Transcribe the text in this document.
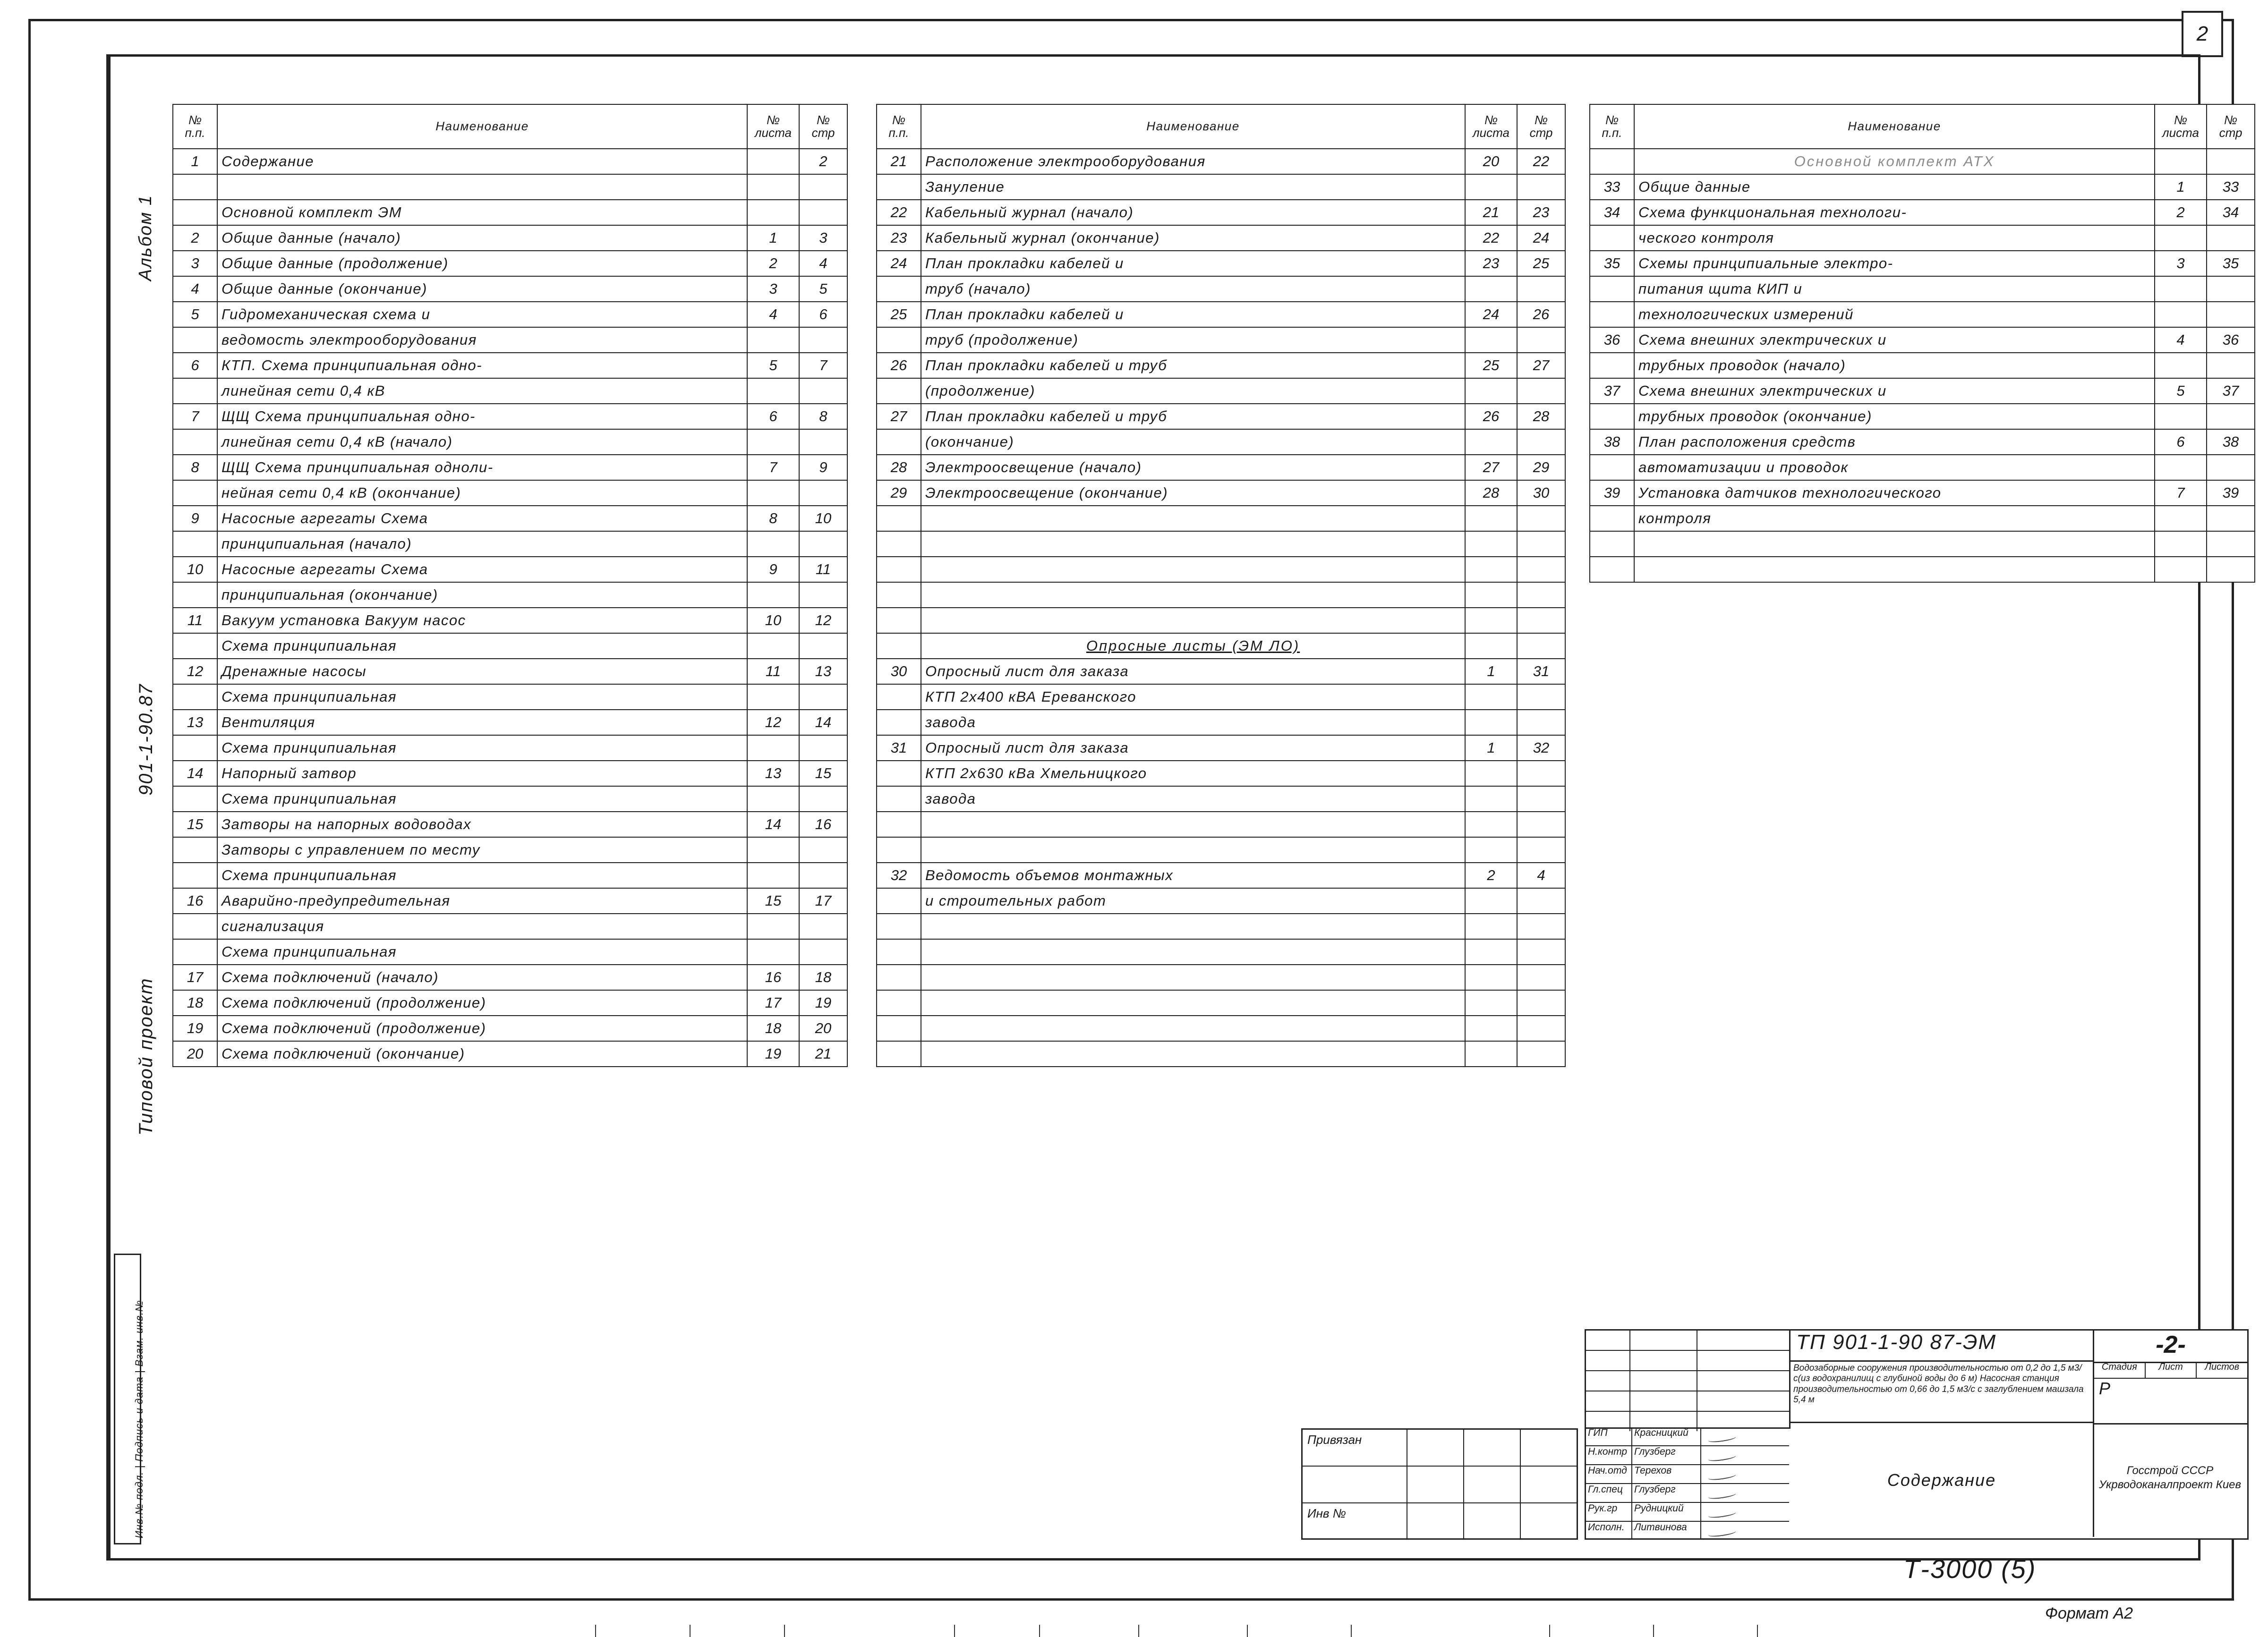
2
Альбом 1
901-1-90.87
Типовой проект
Инв.№ подл. | Подпись и дата | Взам. инв.№
№ п.п.	Наименование	№ листа	№ стр
1	Содержание		2

	Основной комплект ЭМ		
2	Общие данные (начало)	1	3
3	Общие данные (продолжение)	2	4
4	Общие данные (окончание)	3	5
5	Гидромеханическая схема и	4	6
	ведомость электрооборудования		
6	КТП. Схема принципиальная одно-	5	7
	линейная сети 0,4 кВ		
7	ЩЩ Схема принципиальная одно-	6	8
	линейная сети 0,4 кВ (начало)		
8	ЩЩ Схема принципиальная однoли-	7	9
	нейная сети 0,4 кВ (окончание)		
9	Насосные агрегаты Схема	8	10
	принципиальная (начало)		
10	Насосные агрегаты Схема	9	11
	принципиальная (окончание)		
11	Вакуум установка Вакуум насос	10	12
	Схема принципиальная		
12	Дренажные насосы	11	13
	Схема принципиальная		
13	Вентиляция	12	14
	Схема принципиальная		
14	Напорный затвор	13	15
	Схема принципиальная		
15	Затворы на напорных водоводах	14	16
	Затворы с управлением по месту		
	Схема принципиальная		
16	Аварийно-предупредительная	15	17
	сигнализация		
	Схема принципиальная		
17	Схема подключений (начало)	16	18
18	Схема подключений (продолжение)	17	19
19	Схема подключений (продолжение)	18	20
20	Схема подключений (окончание)	19	21
№ п.п.	Наименование	№ листа	№ стр
21	Расположение электрооборудования	20	22
	Зануление		
22	Кабельный журнал (начало)	21	23
23	Кабельный журнал (окончание)	22	24
24	План прокладки кабелей и	23	25
	труб (начало)		
25	План прокладки кабелей и	24	26
	труб (продолжение)		
26	План прокладки кабелей и труб	25	27
	(продолжение)		
27	План прокладки кабелей и труб	26	28
	(окончание)		
28	Электроосвещение (начало)	27	29
29	Электроосвещение (окончание)	28	30

	Опросные листы (ЭМ ЛО)		
30	Опросный лист для заказа	1	31
	КТП 2х400 кВА Ереванского		
	завода		
31	Опросный лист для заказа	1	32
	КТП 2х630 кВа Хмельницкого		
	завода		

32	Ведомость объемов монтажных	2	4
	и строительных работ		

№ п.п.	Наименование	№ листа	№ стр
	Основной комплект АТХ		
33	Общие данные	1	33
34	Схема функциональная технологи-	2	34
	ческого контроля		
35	Схемы принципиальные электро-	3	35
	питания щита КИП и		
	технологических измерений		
36	Схема внешних электрических и	4	36
	трубных проводок (начало)		
37	Схема внешних электрических и	5	37
	трубных проводок (окончание)		
38	План расположения средств	6	38
	автоматизации и проводок		
39	Установка датчиков технологического	7	39
	контроля		

Привязан
Инв №
ГИП	Красницкий
Н.контр Глузберг
Нач.отд Терехов
Гл.спец	Глузберг
Рук.гр	Рудницкий
Исполн. Литвинова
ТП 901-1-90 87-ЭМ	-2-
Водозаборные сооружения производительностью от 0,2 до 1,5 м3/с(из водохранилищ с глубиной воды до 6 м) Насосная станция производительностью от 0,66 до 1,5 м3/с с заглублением машзала 5,4 м
Стадия	Лист	Листов
Р
Содержание	Госстрой СССР Укрводоканалпроект Киев
Т-3000 (5)
Формат А2
